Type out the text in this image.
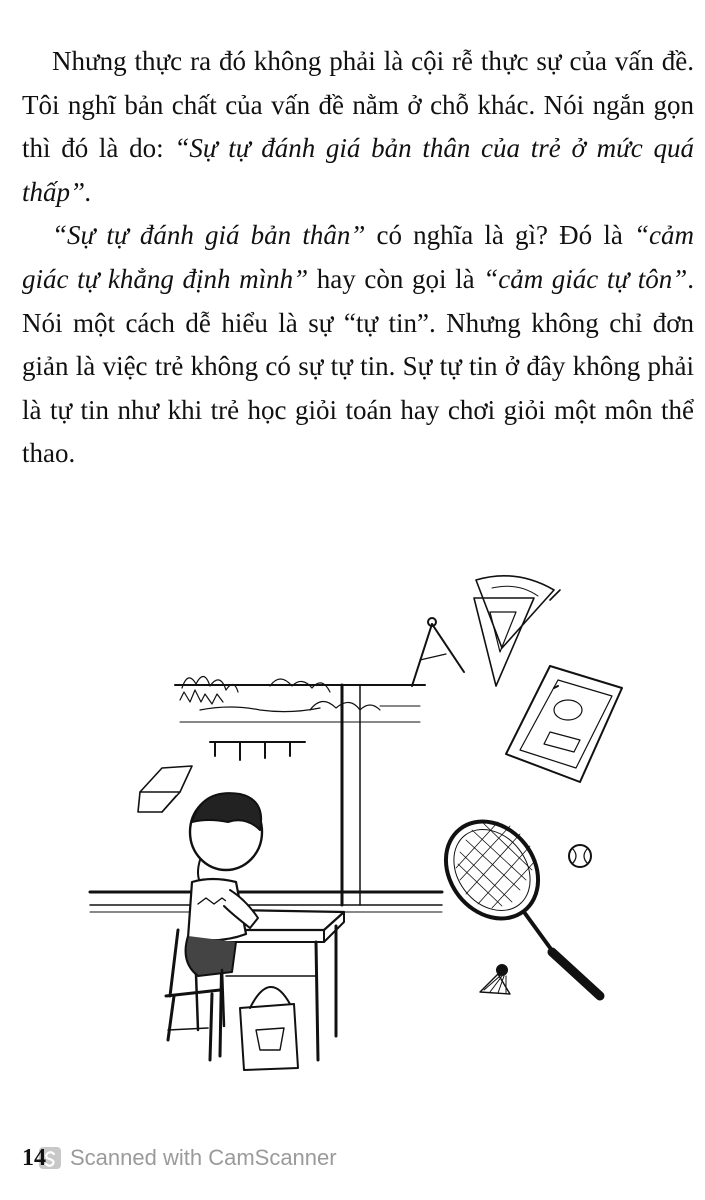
Nhưng thực ra đó không phải là cội rễ thực sự của vấn đề. Tôi nghĩ bản chất của vấn đề nằm ở chỗ khác. Nói ngắn gọn thì đó là do: “Sự tự đánh giá bản thân của trẻ ở mức quá thấp”.

“Sự tự đánh giá bản thân” có nghĩa là gì? Đó là “cảm giác tự khẳng định mình” hay còn gọi là “cảm giác tự tôn”. Nói một cách dễ hiểu là sự “tự tin”. Nhưng không chỉ đơn giản là việc trẻ không có sự tự tin. Sự tự tin ở đây không phải là tự tin như khi trẻ học giỏi toán hay chơi giỏi một môn thể thao.

14 Scanned with CamScanner
